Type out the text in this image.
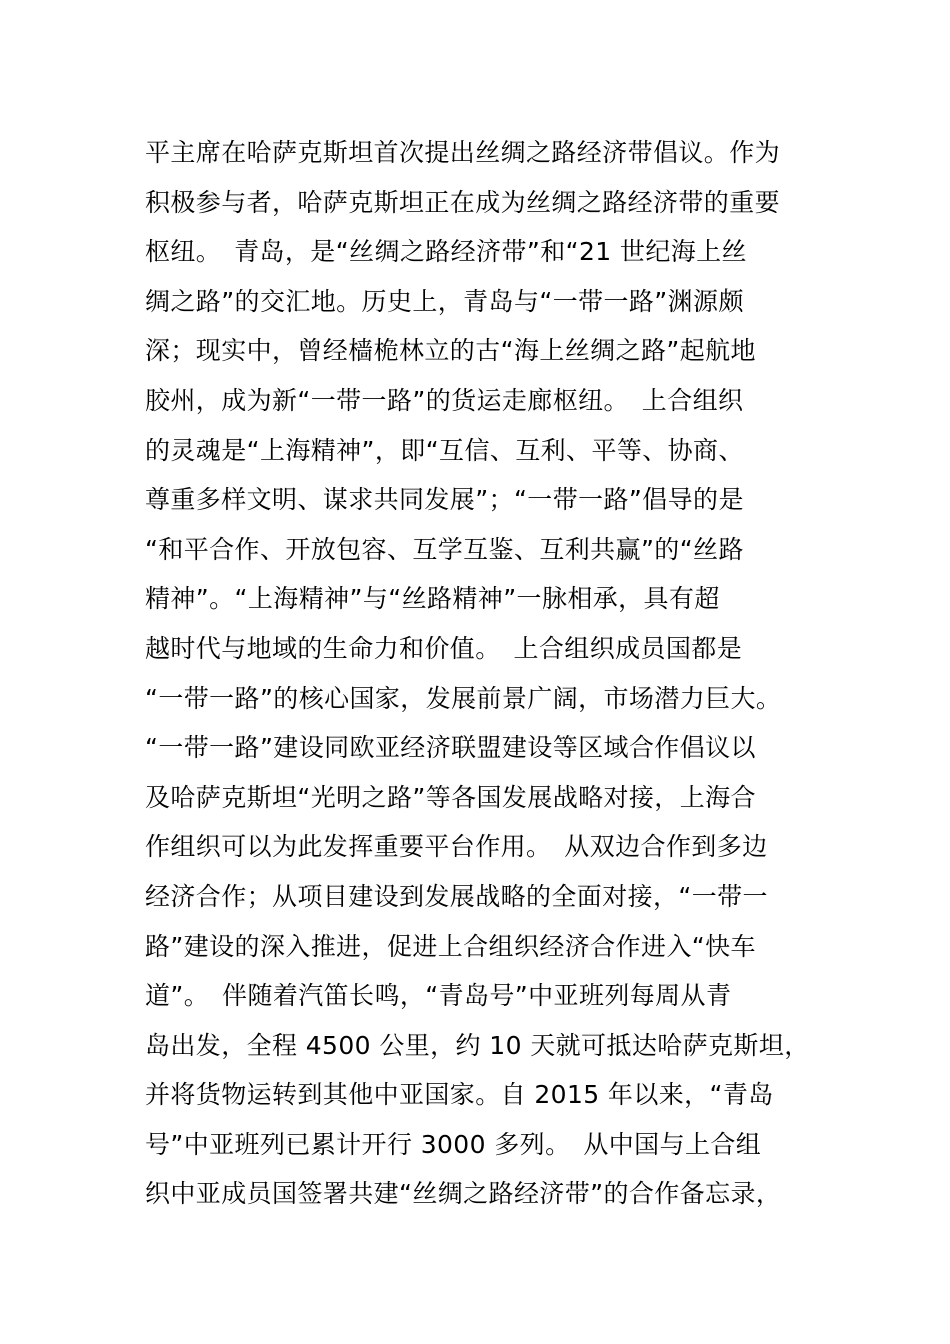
平主席在哈萨克斯坦首次提出丝绸之路经济带倡议。作为
积极参与者，哈萨克斯坦正在成为丝绸之路经济带的重要
枢纽。　青岛，是“丝绸之路经济带”和“21 世纪海上丝
绸之路”的交汇地。历史上，青岛与“一带一路”渊源颇
深；现实中，曾经樯桅林立的古“海上丝绸之路”起航地
胶州，成为新“一带一路”的货运走廊枢纽。　上合组织
的灵魂是“上海精神”，即“互信、互利、平等、协商、
尊重多样文明、谋求共同发展”；“一带一路”倡导的是
“和平合作、开放包容、互学互鉴、互利共赢”的“丝路
精神”。“上海精神”与“丝路精神”一脉相承，具有超
越时代与地域的生命力和价值。　上合组织成员国都是
“一带一路”的核心国家，发展前景广阔，市场潜力巨大。
“一带一路”建设同欧亚经济联盟建设等区域合作倡议以
及哈萨克斯坦“光明之路”等各国发展战略对接，上海合
作组织可以为此发挥重要平台作用。　从双边合作到多边
经济合作；从项目建设到发展战略的全面对接，“一带一
路”建设的深入推进，促进上合组织经济合作进入“快车
道”。　伴随着汽笛长鸣，“青岛号”中亚班列每周从青
岛出发，全程 4500 公里，约 10 天就可抵达哈萨克斯坦，
并将货物运转到其他中亚国家。自 2015 年以来，“青岛
号”中亚班列已累计开行 3000 多列。　从中国与上合组
织中亚成员国签署共建“丝绸之路经济带”的合作备忘录，
